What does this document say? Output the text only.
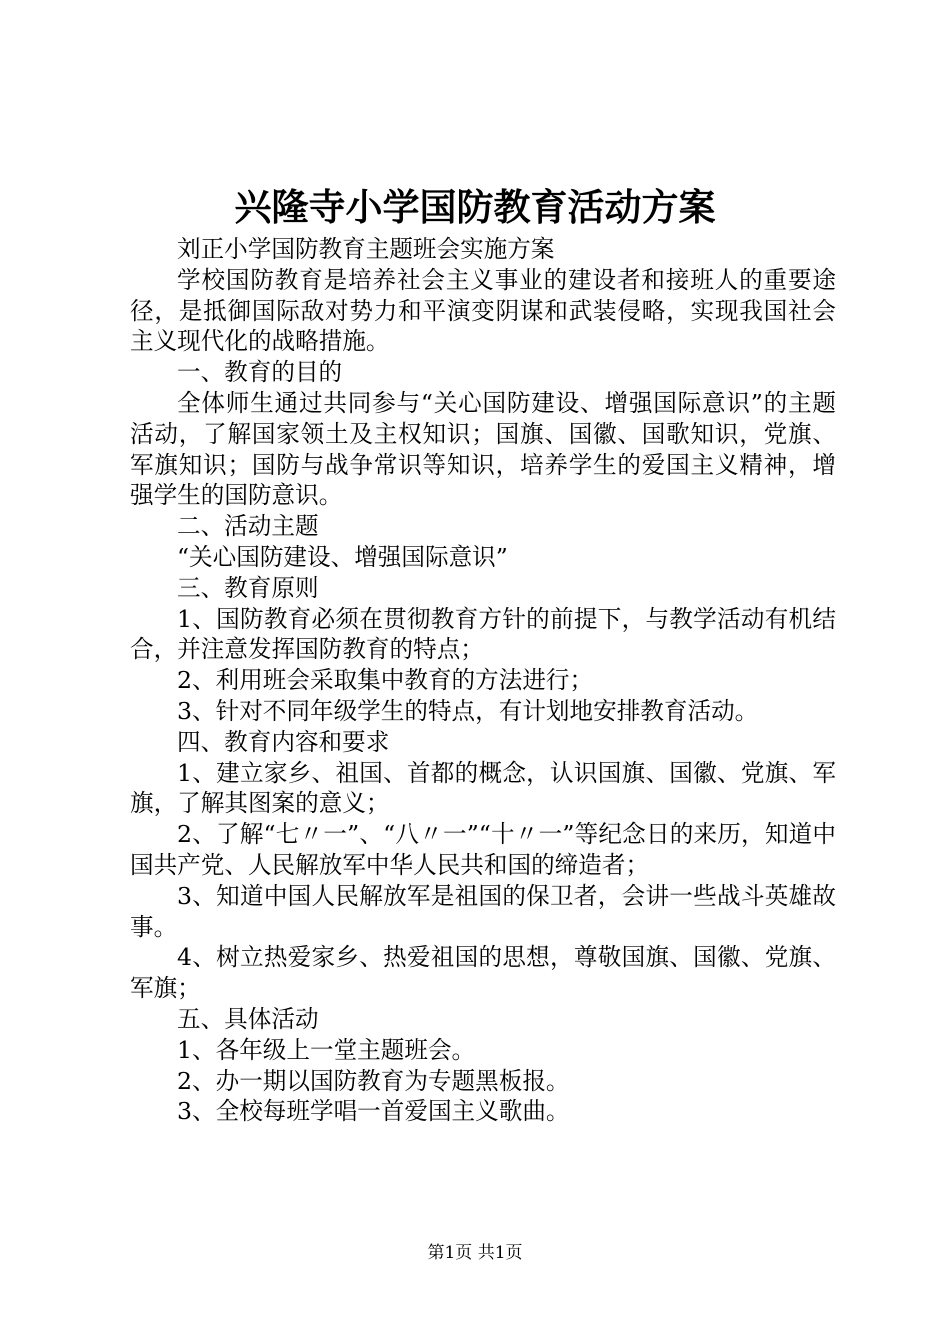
兴隆寺小学国防教育活动方案

刘正小学国防教育主题班会实施方案

学校国防教育是培养社会主义事业的建设者和接班人的重要途径，是抵御国际敌对势力和平演变阴谋和武装侵略，实现我国社会主义现代化的战略措施。

一、教育的目的

全体师生通过共同参与“关心国防建设、增强国际意识”的主题活动，了解国家领土及主权知识；国旗、国徽、国歌知识，党旗、军旗知识；国防与战争常识等知识，培养学生的爱国主义精神，增强学生的国防意识。

二、活动主题

“关心国防建设、增强国际意识”

三、教育原则

1、国防教育必须在贯彻教育方针的前提下，与教学活动有机结合，并注意发挥国防教育的特点；

2、利用班会采取集中教育的方法进行；

3、针对不同年级学生的特点，有计划地安排教育活动。

四、教育内容和要求

1、建立家乡、祖国、首都的概念，认识国旗、国徽、党旗、军旗，了解其图案的意义；

2、了解“七〃一”、“八〃一”“十〃一”等纪念日的来历，知道中国共产党、人民解放军中华人民共和国的缔造者；

3、知道中国人民解放军是祖国的保卫者，会讲一些战斗英雄故事。

4、树立热爱家乡、热爱祖国的思想，尊敬国旗、国徽、党旗、军旗；

五、具体活动

1、各年级上一堂主题班会。

2、办一期以国防教育为专题黑板报。

3、全校每班学唱一首爱国主义歌曲。

第1页 共1页
